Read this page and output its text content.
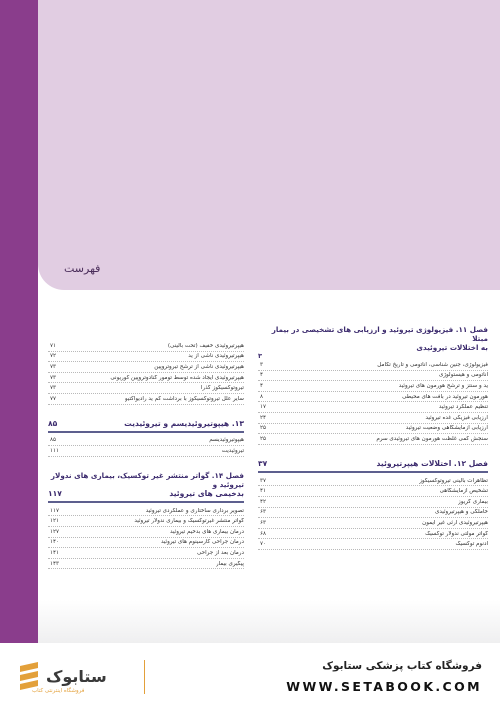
فهرست
فصل ۱۱. فیزیولوژی تیروئید و ارزیابی های تشخیصی در بیمار مبتلا
به اختلالات تیروئیدی
۳
فیزیولوژی، جنین شناسی، آناتومی و تاریخ تکامل
۳
آناتومی و هیستولوژی
۴
ید و سنتز و ترشح هورمون های تیروئید
۴
هورمون تیروئید در بافت های محیطی
۸
تنظیم عملکرد تیروئید
۱۷
ارزیابی فیزیکی غده تیروئید
۲۴
ارزیابی آزمایشگاهی وضعیت تیروئید
۲۵
سنجش کمی غلظت هورمون های تیروئیدی سرم
۲۵
فصل ۱۲. اختلالات هیپرتیروئید
۳۷
تظاهرات بالینی تیروتوکسیکوز
۳۷
تشخیص آزمایشگاهی
۴۱
بیماری گریوز
۴۲
خاملگی و هیپرتیروئیدی
۶۳
هیپرتیروئیدی ارثی غیر ایمون
۶۳
گواتر مولتی ندولار توکسیک
۶۸
آدنوم توکسیک
۷۰
هیپرتیروئیدی خفیف (تحت بالینی)
۷۱
هیپرتیروئیدی ناشی از ید
۷۲
هیپرتیروئیدی ناشی از ترشح تیروتروپین
۷۳
هیپرتیروئیدی ایجاد شده توسط تومور گنادوتروپین کوریونی
۷۳
تیروتوکسیکوز گذرا
۷۳
سایر علل تیروتوکسیکوز با برداشت کم ید رادیواکتیو
۷۷
۱۳. هیپوتیروئیدیسم و تیروئیدیت
۸۵
هیپوتیروئیدیسم
۸۵
تیروئیدیت
۱۱۱
فصل ۱۴. گواتر منتشر غیر توکسیک، بیماری های ندولار تیروئید و
بدخیمی های تیروئید
۱۱۷
تصویر برداری ساختاری و عملکردی تیروئید
۱۱۷
گواتر منتشر غیرتوکسیک و بیماری ندولار تیروئید
۱۲۱
درمان بیماری های بدخیم تیروئید
۱۲۷
درمان جراحی کارسینوم های تیروئید
۱۴۰
درمان بعد از جراحی
۱۴۱
پیگیری بیمار
۱۴۳
ستابوک
فروشگاه اینترنتی کتاب
فروشگاه کتاب پزشکی ستابوک
WWW.SETABOOK.COM
